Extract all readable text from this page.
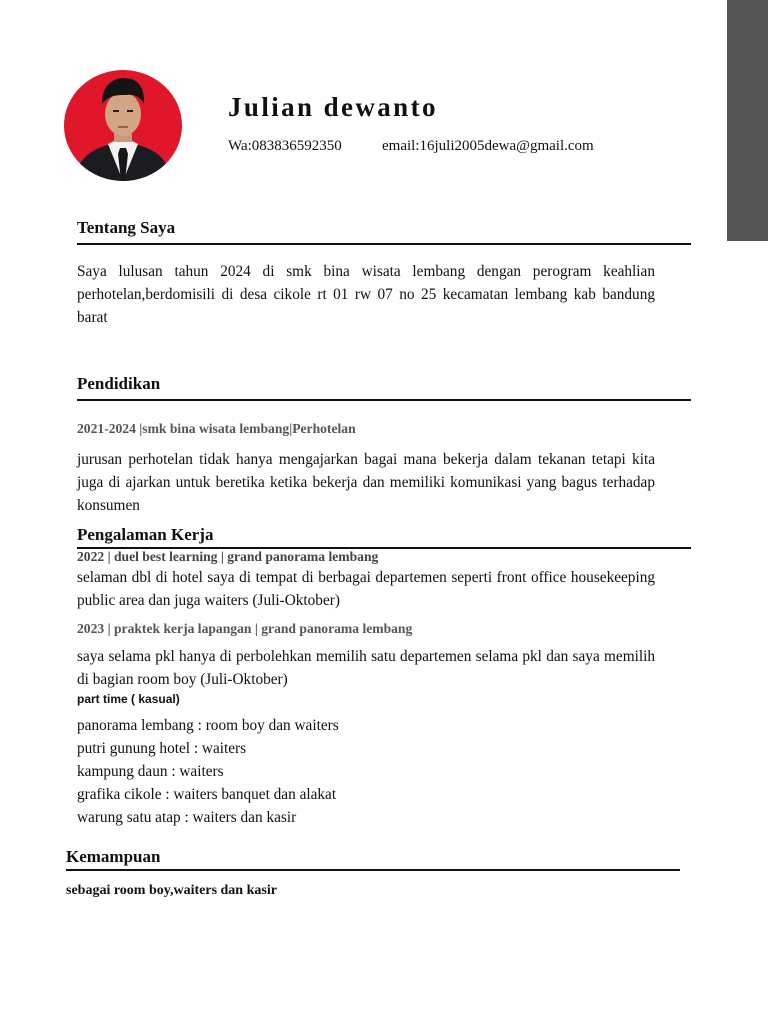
Julian dewanto
Wa:083836592350	email:16juli2005dewa@gmail.com
Tentang Saya

Saya lulusan tahun 2024 di smk bina wisata lembang dengan perogram keahlian perhotelan,berdomisili di desa cikole rt 01 rw 07 no 25 kecamatan lembang kab bandung barat

Pendidikan

2021-2024 |smk bina wisata lembang|Perhotelan

jurusan perhotelan tidak hanya mengajarkan bagai mana bekerja dalam tekanan tetapi kita juga di ajarkan untuk beretika ketika bekerja dan memiliki komunikasi yang bagus terhadap konsumen

Pengalaman Kerja

2022 | duel best learning | grand panorama lembang

selaman dbl di hotel saya di tempat di berbagai departemen seperti front office housekeeping public area dan juga waiters (Juli-Oktober)

2023 | praktek kerja lapangan | grand panorama lembang

saya selama pkl hanya di perbolehkan memilih satu departemen selama pkl dan saya memilih di bagian room boy (Juli-Oktober)

part time ( kasual)

panorama lembang : room boy dan waiters
putri gunung hotel : waiters
kampung daun : waiters
grafika cikole : waiters banquet dan alakat
warung satu atap : waiters dan kasir
Kemampuan

sebagai room boy,waiters dan kasir
